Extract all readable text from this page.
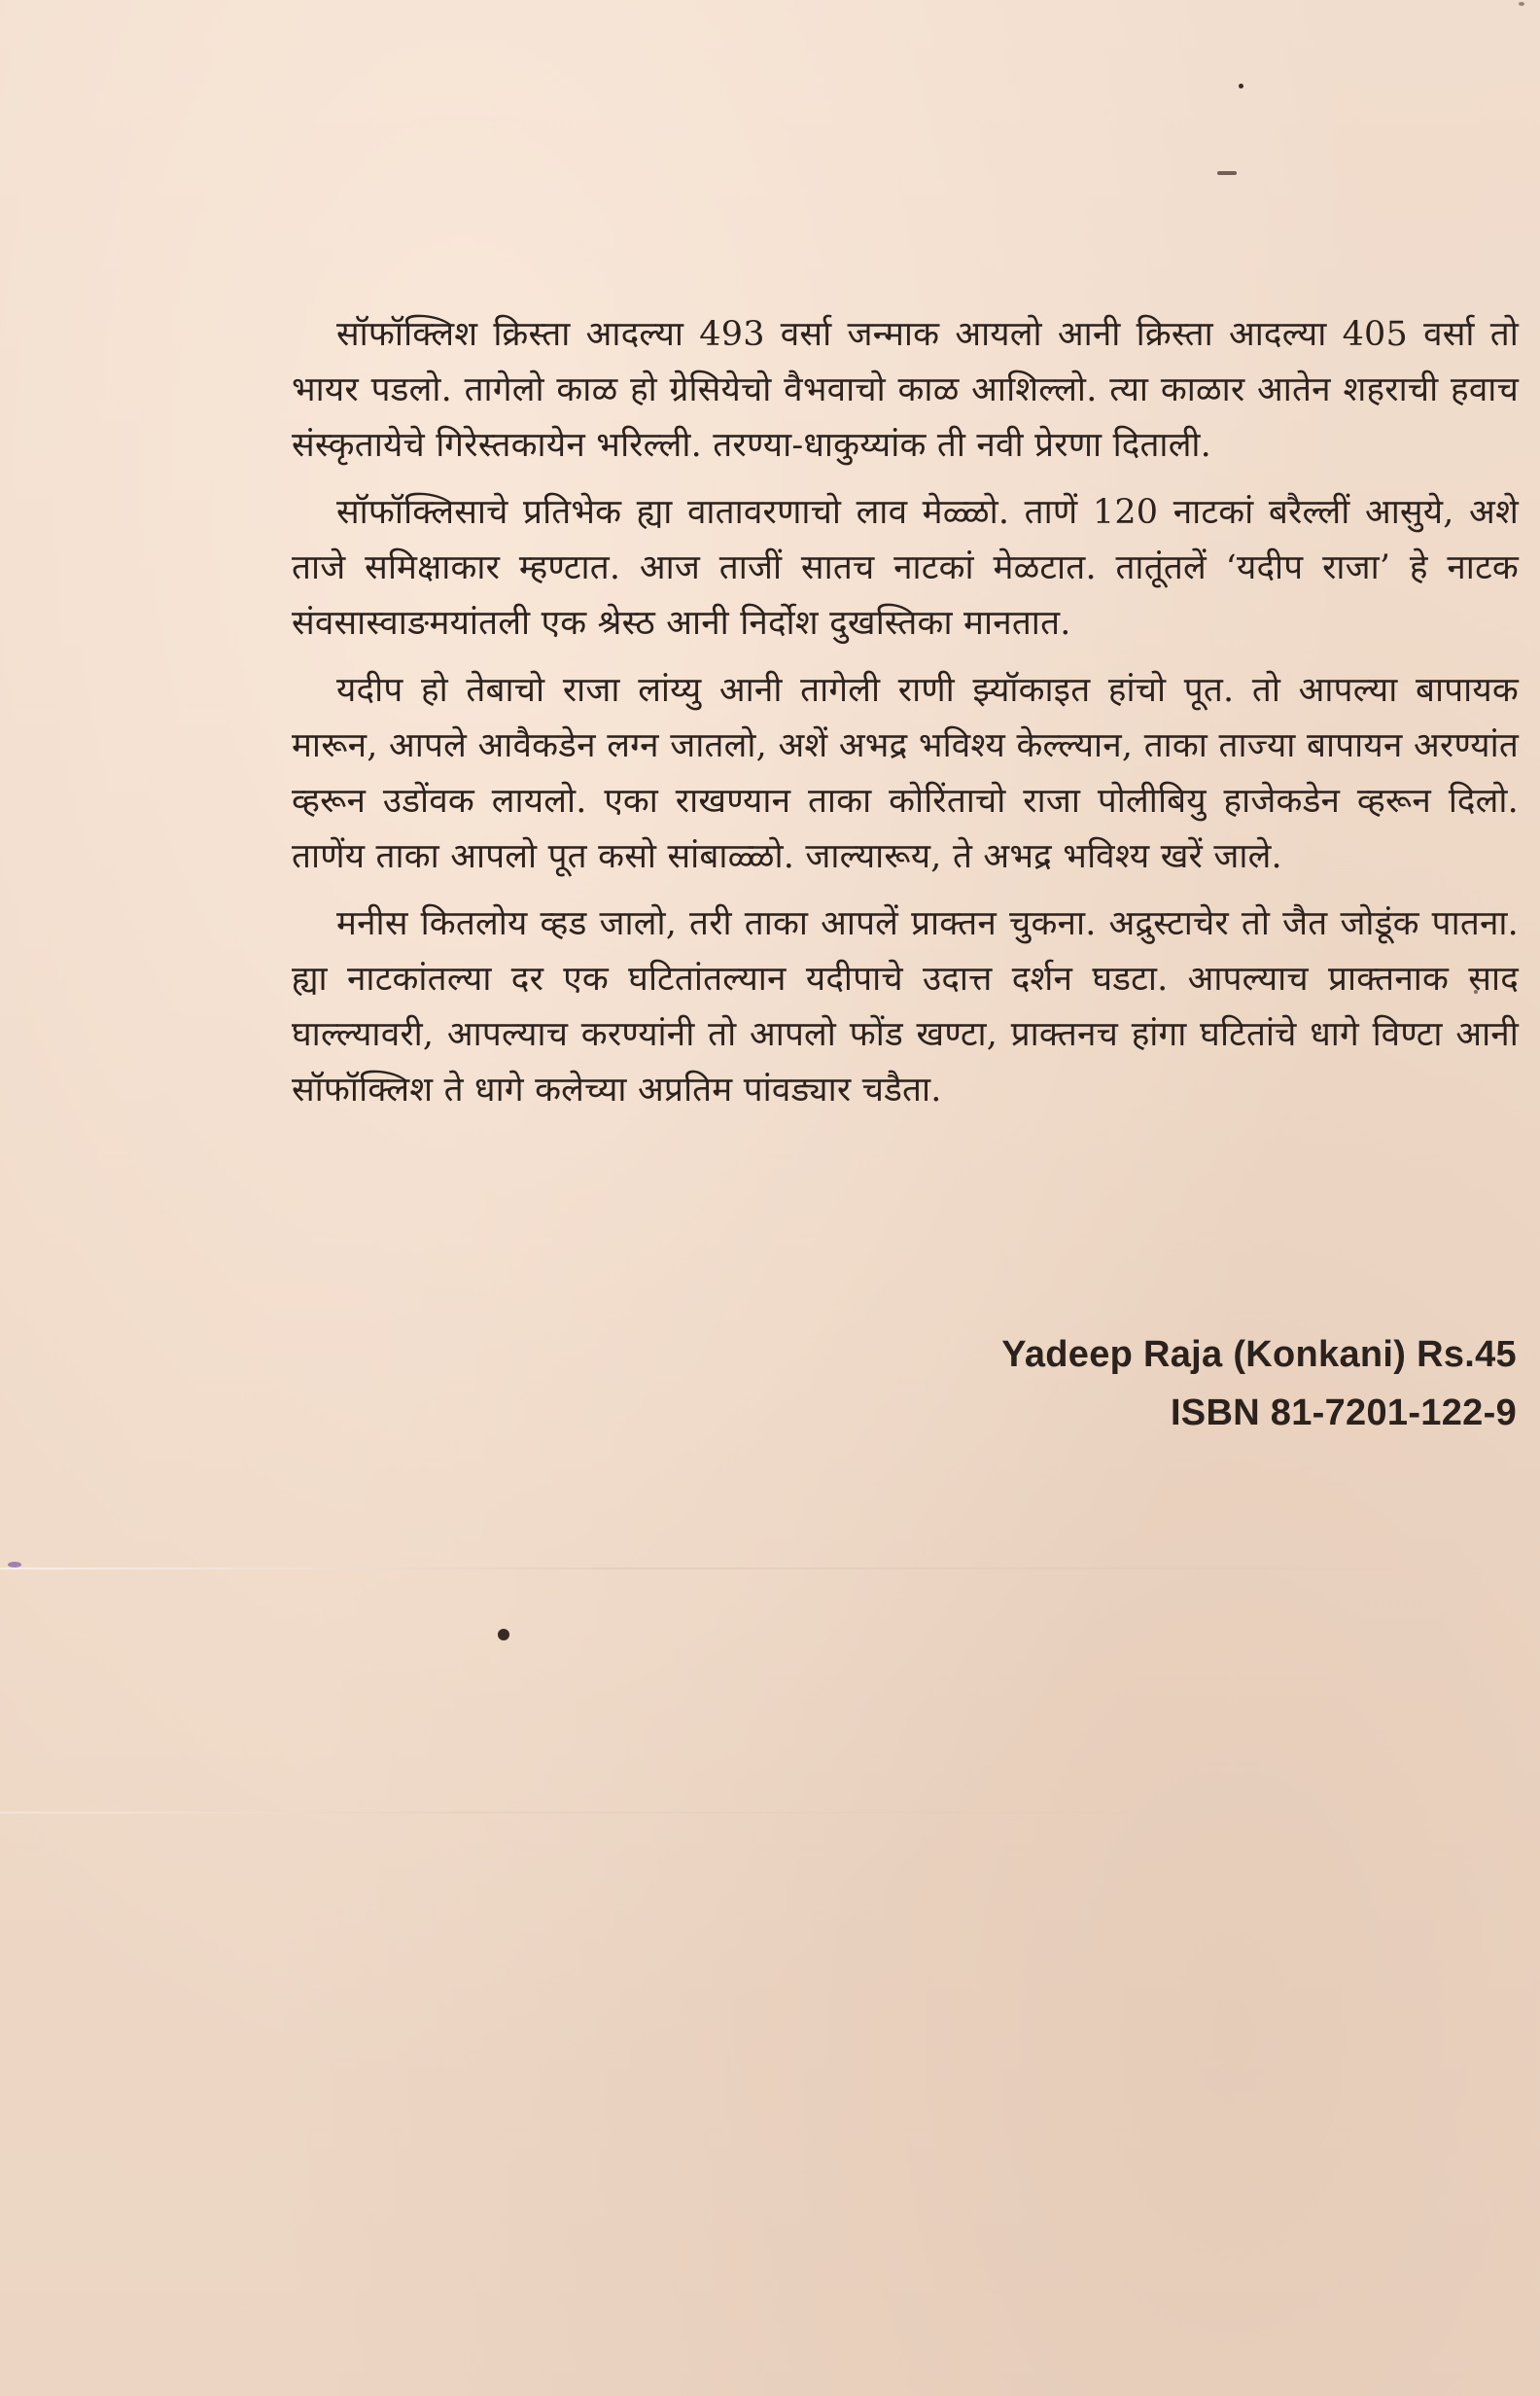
सॉफॉक्लिश क्रिस्ता आदल्या 493 वर्सा जन्माक आयलो आनी क्रिस्ता आदल्या 405 वर्सा तो भायर पडलो. तागेलो काळ हो ग्रेसियेचो वैभवाचो काळ आशिल्लो. त्या काळार आतेन शहराची हवाच संस्कृतायेचे गिरेस्तकायेन भरिल्ली. तरण्या-धाकुय्यांक ती नवी प्रेरणा दिताली.

सॉफॉक्लिसाचे प्रतिभेक ह्या वातावरणाचो लाव मेळ्ळो. ताणें 120 नाटकां बरैल्लीं आसुये, अशे ताजे समिक्षाकार म्हण्टात. आज ताजीं सातच नाटकां मेळटात. तातूंतलें ‘यदीप राजा’ हे नाटक संवसास्वाङमयांतली एक श्रेस्ठ आनी निर्दोश दुखस्तिका मानतात.

यदीप हो तेबाचो राजा लांय्यु आनी तागेली राणी झ्यॉकाइत हांचो पूत. तो आपल्या बापायक मारून, आपले आवैकडेन लग्न जातलो, अशें अभद्र भविश्य केल्ल्यान, ताका ताज्या बापायन अरण्यांत व्हरून उडोंवक लायलो. एका राखण्यान ताका कोरिंताचो राजा पोलीबियु हाजेकडेन व्हरून दिलो. ताणेंय ताका आपलो पूत कसो सांबाळ्ळो. जाल्यारूय, ते अभद्र भविश्य खरें जाले.

मनीस कितलोय व्हड जालो, तरी ताका आपलें प्राक्तन चुकना. अद्रुस्टाचेर तो जैत जोडूंक पातना. ह्या नाटकांतल्या दर एक घटितांतल्यान यदीपाचे उदात्त दर्शन घडटा. आपल्याच प्राक्तनाक साद घाल्ल्यावरी, आपल्याच करण्यांनी तो आपलो फोंड खण्टा, प्राक्तनच हांगा घटितांचे धागे विण्टा आनी सॉफॉक्लिश ते धागे कलेच्या अप्रतिम पांवड्यार चडैता.

Yadeep Raja (Konkani) Rs.45
ISBN 81-7201-122-9
